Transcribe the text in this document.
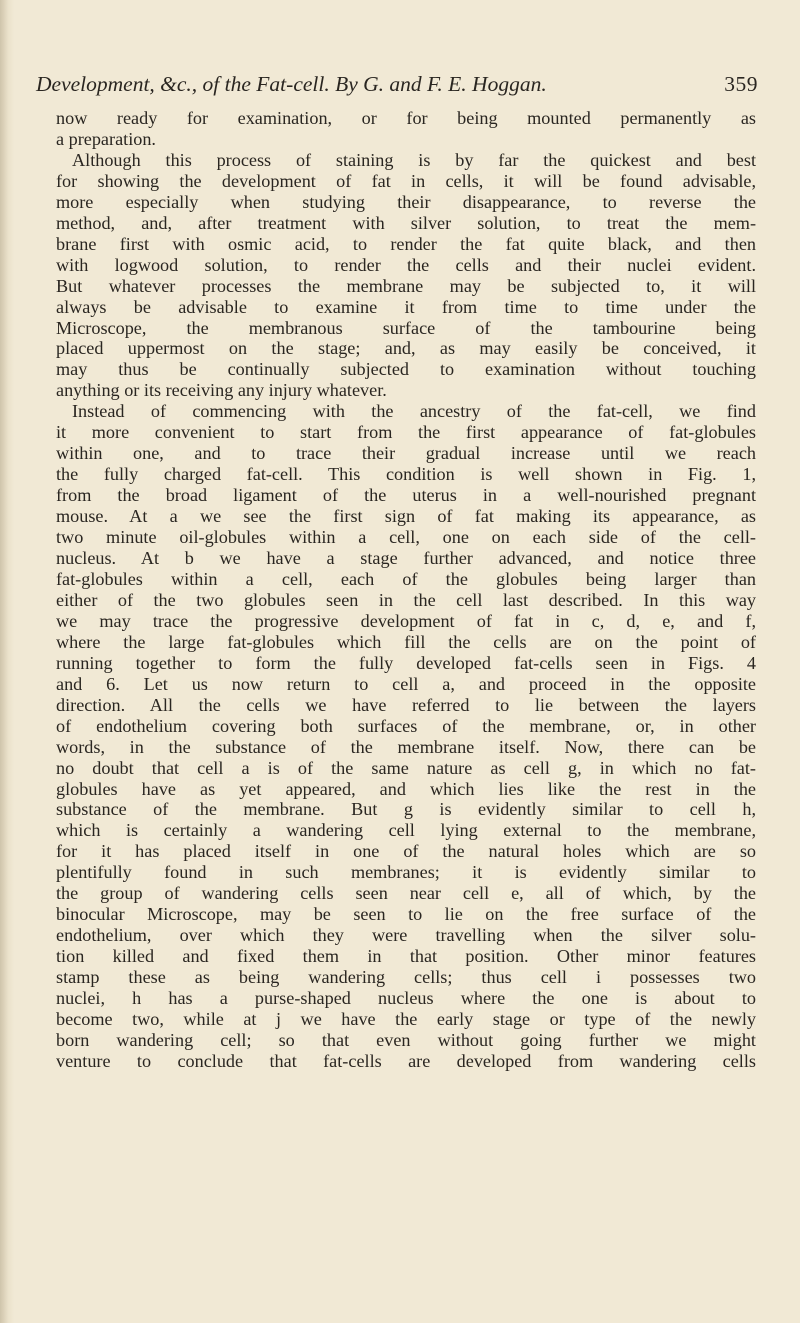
Development, &c., of the Fat-cell. By G. and F. E. Hoggan.	359
now ready for examination, or for being mounted permanently as
a preparation.
Although this process of staining is by far the quickest and best
for showing the development of fat in cells, it will be found advisable,
more especially when studying their disappearance, to reverse the
method, and, after treatment with silver solution, to treat the mem-
brane first with osmic acid, to render the fat quite black, and then
with logwood solution, to render the cells and their nuclei evident.
But whatever processes the membrane may be subjected to, it will
always be advisable to examine it from time to time under the
Microscope, the membranous surface of the tambourine being
placed uppermost on the stage; and, as may easily be conceived, it
may thus be continually subjected to examination without touching
anything or its receiving any injury whatever.
Instead of commencing with the ancestry of the fat-cell, we find
it more convenient to start from the first appearance of fat-globules
within one, and to trace their gradual increase until we reach
the fully charged fat-cell. This condition is well shown in Fig. 1,
from the broad ligament of the uterus in a well-nourished pregnant
mouse. At a we see the first sign of fat making its appearance, as
two minute oil-globules within a cell, one on each side of the cell-
nucleus. At b we have a stage further advanced, and notice three
fat-globules within a cell, each of the globules being larger than
either of the two globules seen in the cell last described. In this way
we may trace the progressive development of fat in c, d, e, and f,
where the large fat-globules which fill the cells are on the point of
running together to form the fully developed fat-cells seen in Figs. 4
and 6. Let us now return to cell a, and proceed in the opposite
direction. All the cells we have referred to lie between the layers
of endothelium covering both surfaces of the membrane, or, in other
words, in the substance of the membrane itself. Now, there can be
no doubt that cell a is of the same nature as cell g, in which no fat-
globules have as yet appeared, and which lies like the rest in the
substance of the membrane. But g is evidently similar to cell h,
which is certainly a wandering cell lying external to the membrane,
for it has placed itself in one of the natural holes which are so
plentifully found in such membranes; it is evidently similar to
the group of wandering cells seen near cell e, all of which, by the
binocular Microscope, may be seen to lie on the free surface of the
endothelium, over which they were travelling when the silver solu-
tion killed and fixed them in that position. Other minor features
stamp these as being wandering cells; thus cell i possesses two
nuclei, h has a purse-shaped nucleus where the one is about to
become two, while at j we have the early stage or type of the newly
born wandering cell; so that even without going further we might
venture to conclude that fat-cells are developed from wandering cells
